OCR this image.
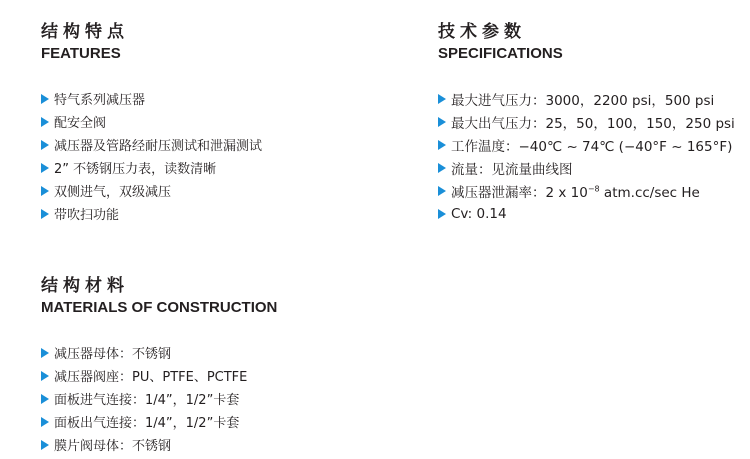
结构特点
FEATURES
特气系列减压器
配安全阀
减压器及管路经耐压测试和泄漏测试
2” 不锈钢压力表，读数清晰
双侧进气，双级减压
带吹扫功能
技术参数
SPECIFICATIONS
最大进气压力：3000，2200 psi，500 psi
最大出气压力：25，50，100，150，250 psi
工作温度：−40℃ ~ 74℃ (−40°F ~ 165°F)
流量：见流量曲线图
减压器泄漏率：2 x $10^{-8}$ atm.cc/sec He
Cv: 0.14
结构材料
MATERIALS OF CONSTRUCTION
减压器母体：不锈钢
减压器阀座：PU、PTFE、PCTFE
面板进气连接：1/4”，1/2”卡套
面板出气连接：1/4”，1/2”卡套
膜片阀母体：不锈钢
